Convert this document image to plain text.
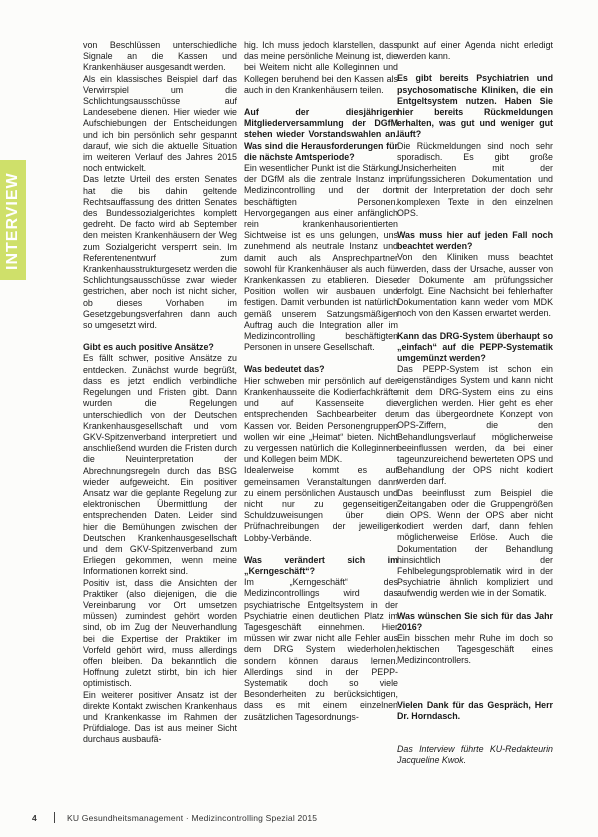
INTERVIEW

von Beschlüssen unterschiedliche Signale an die Kassen und Krankenhäuser ausgesandt werden.

Als ein klassisches Beispiel darf das Verwirrspiel um die Schlichtungsausschüsse auf Landesebene dienen. Hier wieder wie Aufschiebungen der Entscheidungen und ich bin persönlich sehr gespannt darauf, wie sich die aktuelle Situation im weiteren Verlauf des Jahres 2015 noch entwickelt.

Das letzte Urteil des ersten Senates hat die bis dahin geltende Rechtsauffassung des dritten Senates des Bundessozialgerichtes komplett gedreht. De facto wird ab September den meisten Krankenhäusern der Weg zum Sozialgericht versperrt sein. Im Referentenentwurf zum Krankenhausstrukturgesetz werden die Schlichtungsausschüsse zwar wieder gestrichen, aber noch ist nicht sicher, ob dieses Vorhaben im Gesetzgebungsverfahren dann auch so umgesetzt wird.

Gibt es auch positive Ansätze?

Es fällt schwer, positive Ansätze zu entdecken. Zunächst wurde begrüßt, dass es jetzt endlich verbindliche Regelungen und Fristen gibt. Dann wurden die Regelungen unterschiedlich von der Deutschen Krankenhausgesellschaft und vom GKV-Spitzenverband interpretiert und anschließend wurden die Fristen durch die Neuinterpretation der Abrechnungsregeln durch das BSG wieder aufgeweicht. Ein positiver Ansatz war die geplante Regelung zur elektronischen Übermittlung der entsprechenden Daten. Leider sind hier die Bemühungen zwischen der Deutschen Krankenhausgesellschaft und dem GKV-Spitzenverband zum Erliegen gekommen, wenn meine Informationen korrekt sind.

Positiv ist, dass die Ansichten der Praktiker (also diejenigen, die die Vereinbarung vor Ort umsetzen müssen) zumindest gehört worden sind, ob im Zug der Neuverhandlung bei die Expertise der Praktiker im Vorfeld gehört wird, muss allerdings offen bleiben. Da bekanntlich die Hoffnung zuletzt stirbt, bin ich hier optimistisch.

Ein weiterer positiver Ansatz ist der direkte Kontakt zwischen Krankenhaus und Krankenkasse im Rahmen der Prüfdialoge. Das ist aus meiner Sicht durchaus ausbaufä-

hig. Ich muss jedoch klarstellen, dass das meine persönliche Meinung ist, die bei Weitem nicht alle Kolleginnen und Kollegen beruhend bei den Kassen als auch in den Krankenhäusern teilen.

Auf der diesjährigen Mitgliederversammlung der DGfM stehen wieder Vorstandswahlen an. Was sind die Herausforderungen für die nächste Amtsperiode?

Ein wesentlicher Punkt ist die Stärkung der DGfM als die zentrale Instanz im Medizincontrolling und der dort beschäftigten Personen. Hervorgegangen aus einer anfänglich rein krankenhausorientierten Sichtweise ist es uns gelungen, uns zunehmend als neutrale Instanz und damit auch als Ansprechpartner sowohl für Krankenhäuser als auch für Krankenkassen zu etablieren. Diese Position wollen wir ausbauen und festigen. Damit verbunden ist natürlich gemäß unserem Satzungsmäßigen Auftrag auch die Integration aller im Medizincontrolling beschäftigten Personen in unsere Gesellschaft.

Was bedeutet das?

Hier schweben mir persönlich auf der Krankenhausseite die Kodierfachkräfte und auf Kassenseite die entsprechenden Sachbearbeiter der Kassen vor. Beiden Personengruppen wollen wir eine „Heimat“ bieten. Nicht zu vergessen natürlich die Kolleginnen und Kollegen beim MDK.

Idealerweise kommt es auf gemeinsamen Veranstaltungen dann zu einem persönlichen Austausch und nicht nur zu gegenseitigen Schuldzuweisungen über die Prüfnachreibungen der jeweiligen Lobby-Verbände.

Was verändert sich im „Kerngeschäft“?

Im „Kerngeschäft“ des Medizincontrollings wird das psychiatrische Entgeltsystem in der Psychiatrie einen deutlichen Platz im Tagesgeschäft einnehmen. Hier müssen wir zwar nicht alle Fehler aus dem DRG System wiederholen, sondern können daraus lernen. Allerdings sind in der PEPP-Systematik doch so viele Besonderheiten zu berücksichtigen, dass es mit einem einzelnen zusätzlichen Tagesordnungs-

punkt auf einer Agenda nicht erledigt werden kann.

Es gibt bereits Psychiatrien und psychosomatische Kliniken, die ein Entgeltsystem nutzen. Haben Sie hier bereits Rückmeldungen erhalten, was gut und weniger gut läuft?

Die Rückmeldungen sind noch sehr sporadisch. Es gibt große Unsicherheiten mit der prüfungssicheren Dokumentation und mit der Interpretation der doch sehr komplexen Texte in den einzelnen OPS.

Was muss hier auf jeden Fall noch beachtet werden?

Von den Kliniken muss beachtet werden, dass der Ursache, ausser von der Dokumente am prüfungssicher erfolgt. Eine Nachsicht bei fehlerhafter Dokumentation kann weder vom MDK noch von den Kassen erwartet werden.

Kann das DRG-System überhaupt so „einfach“ auf die PEPP-Systematik umgemünzt werden?

Das PEPP-System ist schon ein eigenständiges System und kann nicht mit dem DRG-System eins zu eins verglichen werden. Hier geht es eher um das übergeordnete Konzept von OPS-Ziffern, die den Behandlungsverlauf möglicherweise beeinflussen werden, da bei einer tageunzureichend bewerteten OPS und Behandlung der OPS nicht kodiert werden darf.

Das beeinflusst zum Beispiel die Zeitangaben oder die Gruppengrößen in OPS. Wenn der OPS aber nicht kodiert werden darf, dann fehlen möglicherweise Erlöse. Auch die Dokumentation der Behandlung hinsichtlich der Fehlbelegungsproblematik wird in der Psychiatrie ähnlich kompliziert und aufwendig werden wie in der Somatik.

Was wünschen Sie sich für das Jahr 2016?

Ein bisschen mehr Ruhe im doch so hektischen Tagesgeschäft eines Medizincontrollers.

Vielen Dank für das Gespräch, Herr Dr. Horndasch.

Das Interview führte KU-Redakteurin Jacqueline Kwok.

4	KU Gesundheitsmanagement · Medizincontrolling Spezial 2015
